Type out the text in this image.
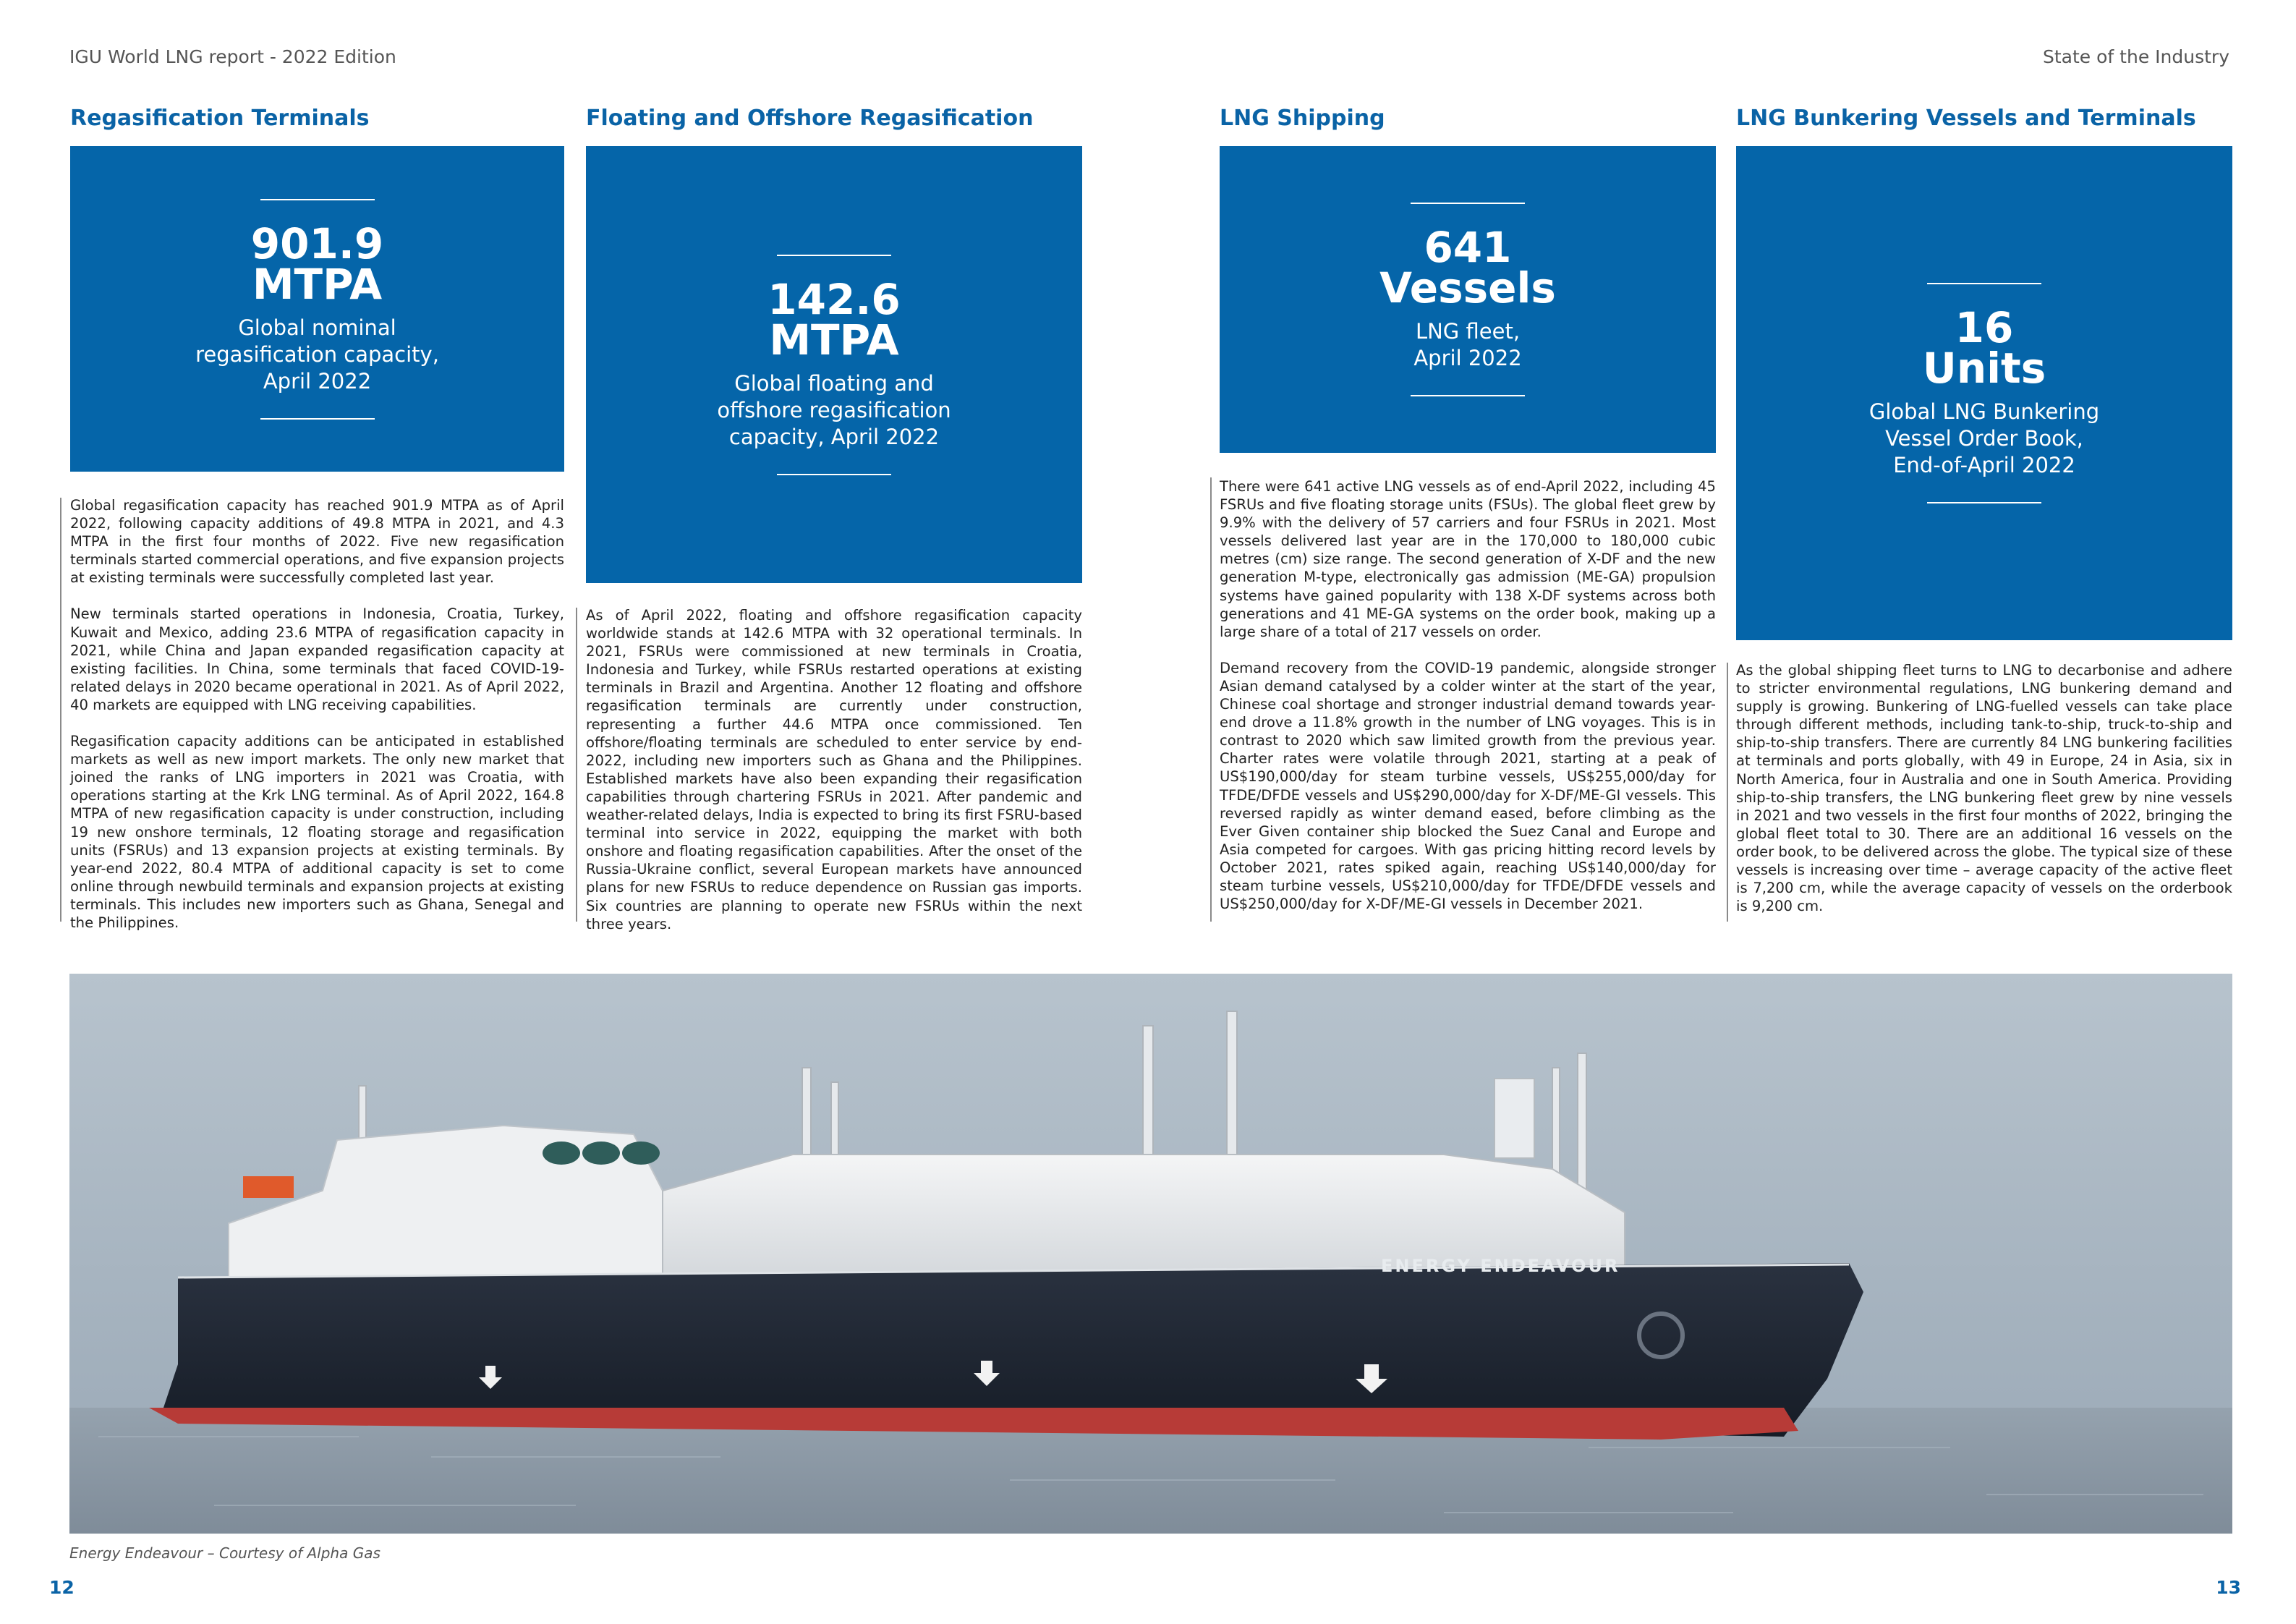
IGU World LNG report - 2022 Edition	State of the Industry
Regasification Terminals	Floating and Offshore Regasification	LNG Shipping	LNG Bunkering Vessels and Terminals
901.9
MTPA
Global nominal regasification capacity, April 2022
142.6
MTPA
Global floating and offshore regasification capacity, April 2022
641
Vessels
LNG fleet, April 2022
16
Units
Global LNG Bunkering Vessel Order Book, End-of-April 2022

Global regasification capacity has reached 901.9 MTPA as of April 2022, following capacity additions of 49.8 MTPA in 2021, and 4.3 MTPA in the first four months of 2022. Five new regasification terminals started commercial operations, and five expansion projects at existing terminals were successfully completed last year.

New terminals started operations in Indonesia, Croatia, Turkey, Kuwait and Mexico, adding 23.6 MTPA of regasification capacity in 2021, while China and Japan expanded regasification capacity at existing facilities. In China, some terminals that faced COVID-19-related delays in 2020 became operational in 2021. As of April 2022, 40 markets are equipped with LNG receiving capabilities.

Regasification capacity additions can be anticipated in established markets as well as new import markets. The only new market that joined the ranks of LNG importers in 2021 was Croatia, with operations starting at the Krk LNG terminal. As of April 2022, 164.8 MTPA of new regasification capacity is under construction, including 19 new onshore terminals, 12 floating storage and regasification units (FSRUs) and 13 expansion projects at existing terminals. By year-end 2022, 80.4 MTPA of additional capacity is set to come online through newbuild terminals and expansion projects at existing terminals. This includes new importers such as Ghana, Senegal and the Philippines.

As of April 2022, floating and offshore regasification capacity worldwide stands at 142.6 MTPA with 32 operational terminals. In 2021, FSRUs were commissioned at new terminals in Croatia, Indonesia and Turkey, while FSRUs restarted operations at existing terminals in Brazil and Argentina. Another 12 floating and offshore regasification terminals are currently under construction, representing a further 44.6 MTPA once commissioned. Ten offshore/floating terminals are scheduled to enter service by end-2022, including new importers such as Ghana and the Philippines. Established markets have also been expanding their regasification capabilities through chartering FSRUs in 2021. After pandemic and weather-related delays, India is expected to bring its first FSRU-based terminal into service in 2022, equipping the market with both onshore and floating regasification capabilities. After the onset of the Russia-Ukraine conflict, several European markets have announced plans for new FSRUs to reduce dependence on Russian gas imports. Six countries are planning to operate new FSRUs within the next three years.

There were 641 active LNG vessels as of end-April 2022, including 45 FSRUs and five floating storage units (FSUs). The global fleet grew by 9.9% with the delivery of 57 carriers and four FSRUs in 2021. Most vessels delivered last year are in the 170,000 to 180,000 cubic metres (cm) size range. The second generation of X-DF and the new generation M-type, electronically gas admission (ME-GA) propulsion systems have gained popularity with 138 X-DF systems across both generations and 41 ME-GA systems on the order book, making up a large share of a total of 217 vessels on order.

Demand recovery from the COVID-19 pandemic, alongside stronger Asian demand catalysed by a colder winter at the start of the year, Chinese coal shortage and stronger industrial demand towards year-end drove a 11.8% growth in the number of LNG voyages. This is in contrast to 2020 which saw limited growth from the previous year. Charter rates were volatile through 2021, starting at a peak of US$190,000/day for steam turbine vessels, US$255,000/day for TFDE/DFDE vessels and US$290,000/day for X-DF/ME-GI vessels. This reversed rapidly as winter demand eased, before climbing as the Ever Given container ship blocked the Suez Canal and Europe and Asia competed for cargoes. With gas pricing hitting record levels by October 2021, rates spiked again, reaching US$140,000/day for steam turbine vessels, US$210,000/day for TFDE/DFDE vessels and US$250,000/day for X-DF/ME-GI vessels in December 2021.

As the global shipping fleet turns to LNG to decarbonise and adhere to stricter environmental regulations, LNG bunkering demand and supply is growing. Bunkering of LNG-fuelled vessels can take place through different methods, including tank-to-ship, truck-to-ship and ship-to-ship transfers. There are currently 84 LNG bunkering facilities at terminals and ports globally, with 49 in Europe, 24 in Asia, six in North America, four in Australia and one in South America. Providing ship-to-ship transfers, the LNG bunkering fleet grew by nine vessels in 2021 and two vessels in the first four months of 2022, bringing the global fleet total to 30. There are an additional 16 vessels on the order book, to be delivered across the globe. The typical size of these vessels is increasing over time – average capacity of the active fleet is 7,200 cm, while the average capacity of vessels on the orderbook is 9,200 cm.

ENERGY ENDEAVOUR
Energy Endeavour – Courtesy of Alpha Gas
12	13
